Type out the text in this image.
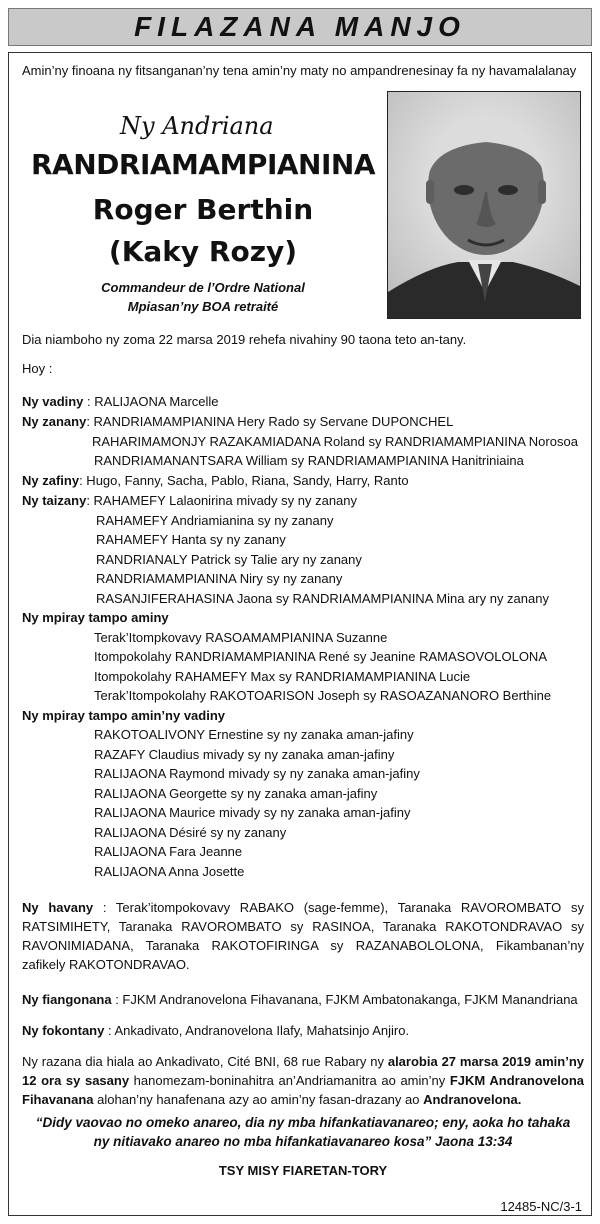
FILAZANA MANJO
Amin’ny finoana ny fitsanganan’ny tena amin’ny maty no ampandrenesinay fa ny havamalalanay
Ny Andriana
RANDRIAMAMPIANINA
Roger Berthin
(Kaky Rozy)
Commandeur de l’Ordre National
Mpiasan’ny BOA retraité
Dia niamboho ny zoma 22 marsa 2019 rehefa nivahiny 90 taona teto an-tany.
Hoy :
Ny vadiny : RALIJAONA Marcelle
Ny zanany: RANDRIAMAMPIANINA Hery Rado sy Servane DUPONCHEL
RAHARIMAMONJY RAZAKAMIADANA Roland sy RANDRIAMAMPIANINA Norosoa
RANDRIAMANANTSARA William sy RANDRIAMAMPIANINA Hanitriniaina
Ny zafiny: Hugo, Fanny, Sacha, Pablo, Riana, Sandy, Harry, Ranto
Ny taizany: RAHAMEFY Lalaonirina mivady sy ny zanany
RAHAMEFY Andriamianina sy ny zanany
RAHAMEFY Hanta sy ny zanany
RANDRIANALY Patrick sy Talie ary ny zanany
RANDRIAMAMPIANINA Niry sy ny zanany
RASANJIFERAHASINA Jaona sy RANDRIAMAMPIANINA Mina ary ny zanany
Ny mpiray tampo aminy
Terak’Itompkovavy RASOAMAMPIANINA Suzanne
Itompokolahy RANDRIAMAMPIANINA René sy Jeanine RAMASOVOLOLONA
Itompokolahy RAHAMEFY Max sy RANDRIAMAMPIANINA Lucie
Terak’Itompokolahy RAKOTOARISON Joseph sy RASOAZANANORO Berthine
Ny mpiray tampo amin’ny vadiny
RAKOTOALIVONY Ernestine sy ny zanaka aman-jafiny
RAZAFY Claudius mivady sy ny zanaka aman-jafiny
RALIJAONA Raymond mivady sy ny zanaka aman-jafiny
RALIJAONA Georgette sy ny zanaka aman-jafiny
RALIJAONA Maurice mivady sy ny zanaka aman-jafiny
RALIJAONA Désiré sy ny zanany
RALIJAONA Fara Jeanne
RALIJAONA Anna Josette
Ny havany : Terak’itompokovavy RABAKO (sage-femme), Taranaka RAVOROMBATO sy RATSIMIHETY, Taranaka RAVOROMBATO sy RASINOA, Taranaka RAKOTONDRAVAO sy RAVONIMIADANA, Taranaka RAKOTOFIRINGA sy RAZANABOLOLONA, Fikambanan’ny zafikely RAKOTONDRAVAO.
Ny fiangonana : FJKM Andranovelona Fihavanana, FJKM Ambatonakanga, FJKM Manandriana
Ny fokontany : Ankadivato, Andranovelona Ilafy, Mahatsinjo Anjiro.
Ny razana dia hiala ao Ankadivato, Cité BNI, 68 rue Rabary ny alarobia 27 marsa 2019 amin’ny 12 ora sy sasany hanomezam-boninahitra an’Andriamanitra ao amin’ny FJKM Andranovelona Fihavanana alohan’ny hanafenana azy ao amin’ny fasan-drazany ao Andranovelona.
“Didy vaovao no omeko anareo, dia ny mba hifankatiavanareo; eny, aoka ho tahaka
ny nitiavako anareo no mba hifankatiavanareo kosa” Jaona 13:34
TSY MISY FIARETAN-TORY
12485-NC/3-1
